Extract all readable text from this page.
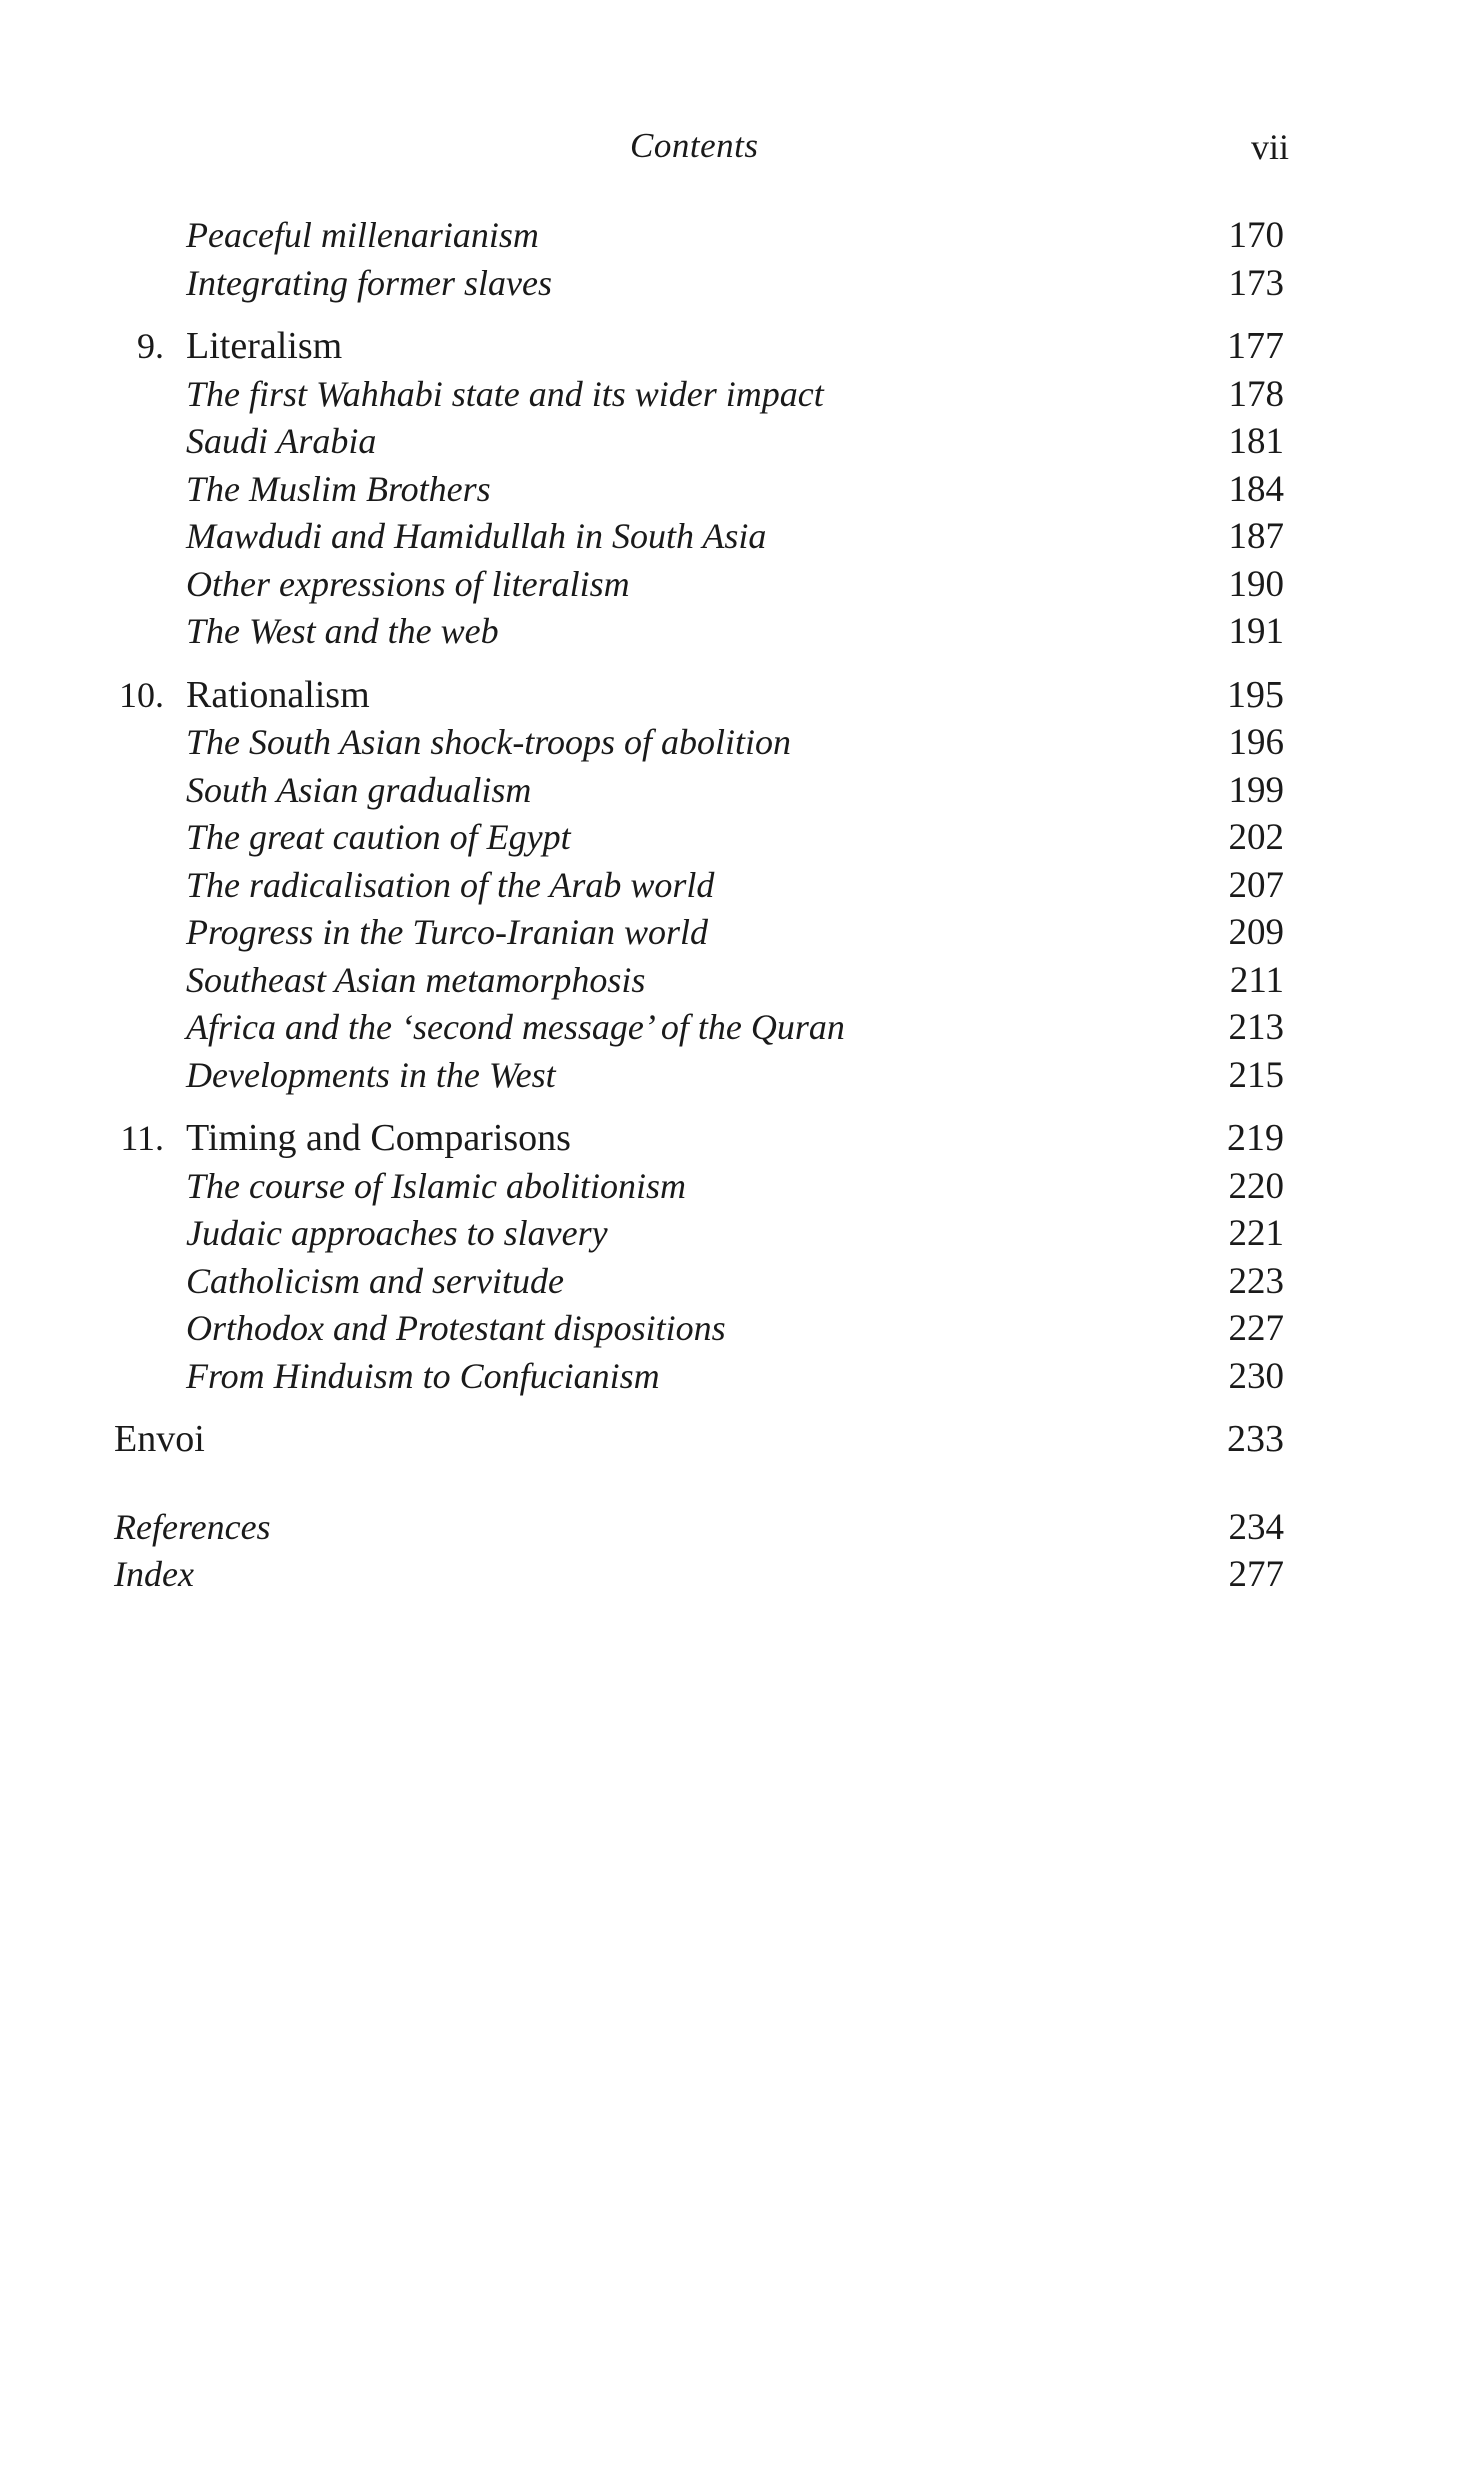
Contents	vii
Peaceful millenarianism	170
Integrating former slaves	173
9. Literalism	177
The first Wahhabi state and its wider impact	178
Saudi Arabia	181
The Muslim Brothers	184
Mawdudi and Hamidullah in South Asia	187
Other expressions of literalism	190
The West and the web	191
10. Rationalism	195
The South Asian shock-troops of abolition	196
South Asian gradualism	199
The great caution of Egypt	202
The radicalisation of the Arab world	207
Progress in the Turco-Iranian world	209
Southeast Asian metamorphosis	211
Africa and the ‘second message’ of the Quran	213
Developments in the West	215
11. Timing and Comparisons	219
The course of Islamic abolitionism	220
Judaic approaches to slavery	221
Catholicism and servitude	223
Orthodox and Protestant dispositions	227
From Hinduism to Confucianism	230
Envoi	233
References	234
Index	277
